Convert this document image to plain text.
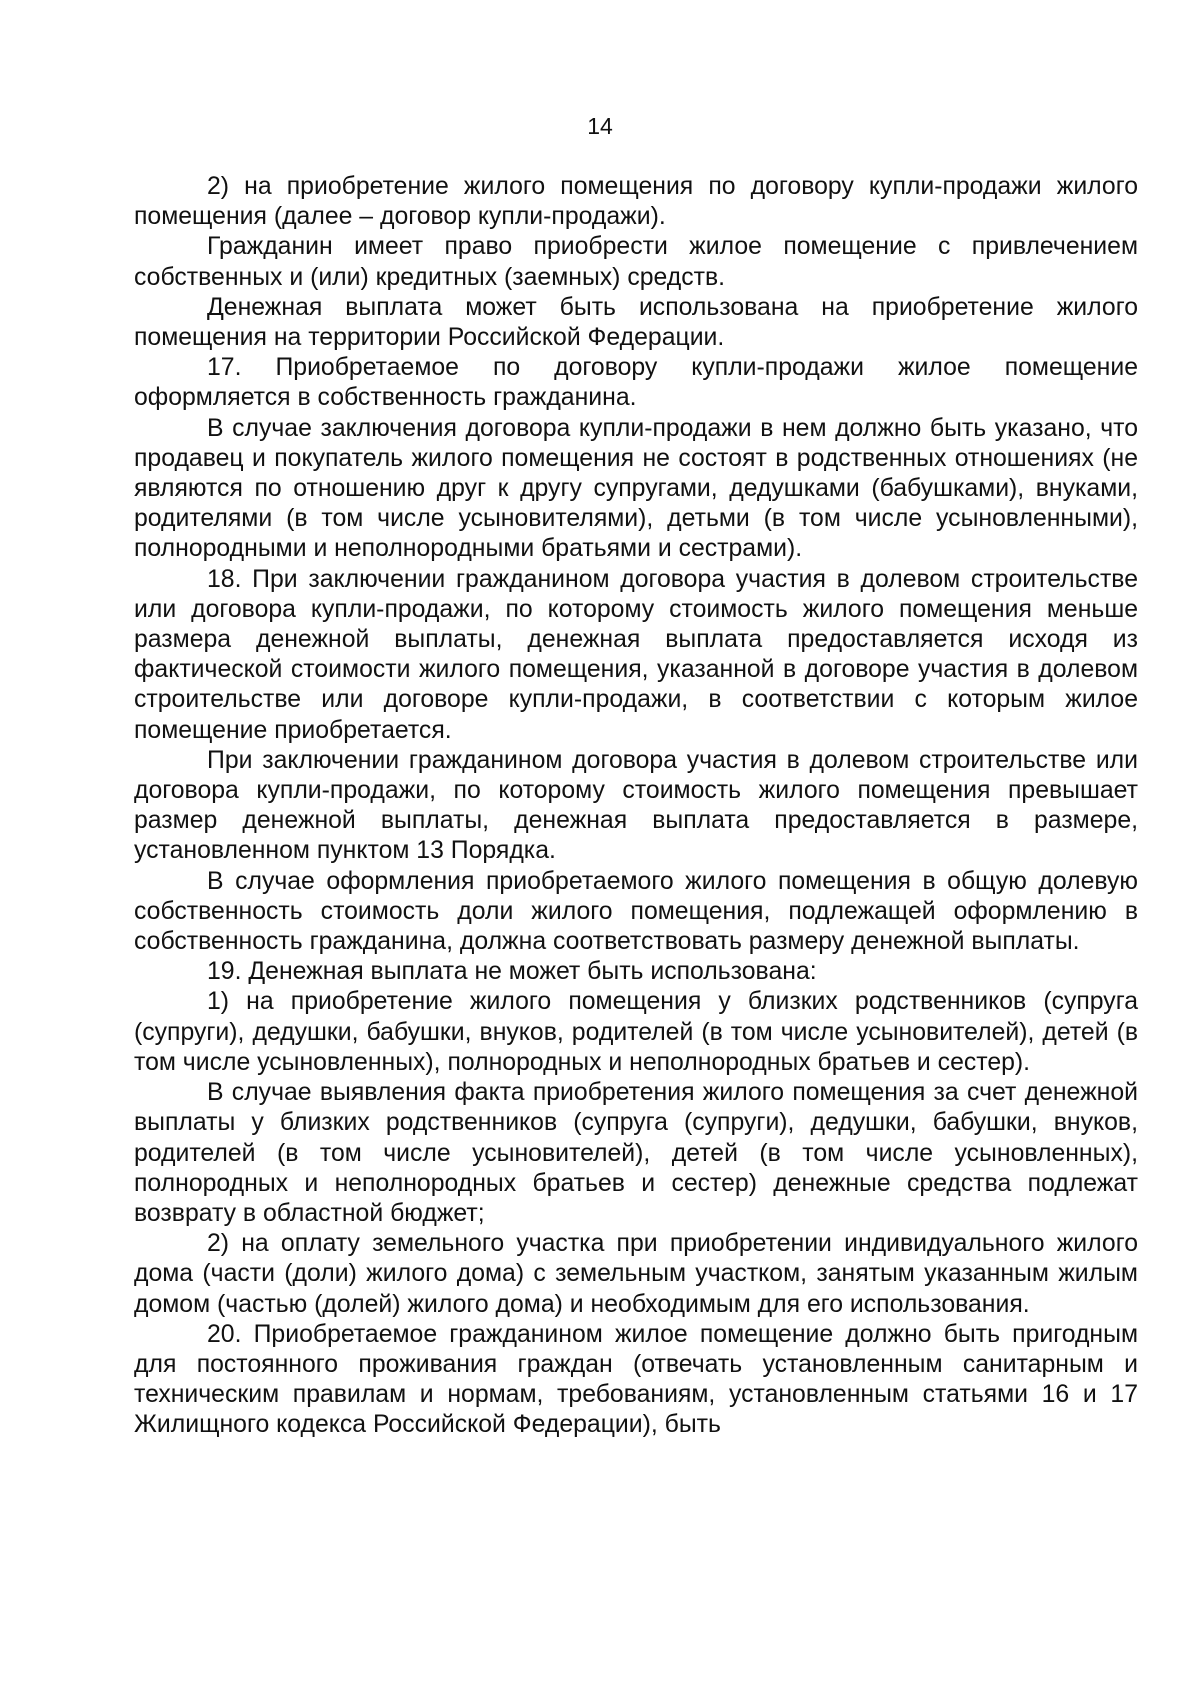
14

2) на приобретение жилого помещения по договору купли-продажи жилого помещения (далее – договор купли-продажи).

Гражданин имеет право приобрести жилое помещение с привлечением собственных и (или) кредитных (заемных) средств.

Денежная выплата может быть использована на приобретение жилого помещения на территории Российской Федерации.

17. Приобретаемое по договору купли-продажи жилое помещение оформляется в собственность гражданина.

В случае заключения договора купли-продажи в нем должно быть указано, что продавец и покупатель жилого помещения не состоят в родственных отношениях (не являются по отношению друг к другу супругами, дедушками (бабушками), внуками, родителями (в том числе усыновителями), детьми (в том числе усыновленными), полнородными и неполнородными братьями и сестрами).

18. При заключении гражданином договора участия в долевом строительстве или договора купли-продажи, по которому стоимость жилого помещения меньше размера денежной выплаты, денежная выплата предоставляется исходя из фактической стоимости жилого помещения, указанной в договоре участия в долевом строительстве или договоре купли-продажи, в соответствии с которым жилое помещение приобретается.

При заключении гражданином договора участия в долевом строительстве или договора купли-продажи, по которому стоимость жилого помещения превышает размер денежной выплаты, денежная выплата предоставляется в размере, установленном пунктом 13 Порядка.

В случае оформления приобретаемого жилого помещения в общую долевую собственность стоимость доли жилого помещения, подлежащей оформлению в собственность гражданина, должна соответствовать размеру денежной выплаты.

19. Денежная выплата не может быть использована:

1) на приобретение жилого помещения у близких родственников (супруга (супруги), дедушки, бабушки, внуков, родителей (в том числе усыновителей), детей (в том числе усыновленных), полнородных и неполнородных братьев и сестер).

В случае выявления факта приобретения жилого помещения за счет денежной выплаты у близких родственников (супруга (супруги), дедушки, бабушки, внуков, родителей (в том числе усыновителей), детей (в том числе усыновленных), полнородных и неполнородных братьев и сестер) денежные средства подлежат возврату в областной бюджет;

2) на оплату земельного участка при приобретении индивидуального жилого дома (части (доли) жилого дома) с земельным участком, занятым указанным жилым домом (частью (долей) жилого дома) и необходимым для его использования.

20. Приобретаемое гражданином жилое помещение должно быть пригодным для постоянного проживания граждан (отвечать установленным санитарным и техническим правилам и нормам, требованиям, установленным статьями 16 и 17 Жилищного кодекса Российской Федерации), быть
